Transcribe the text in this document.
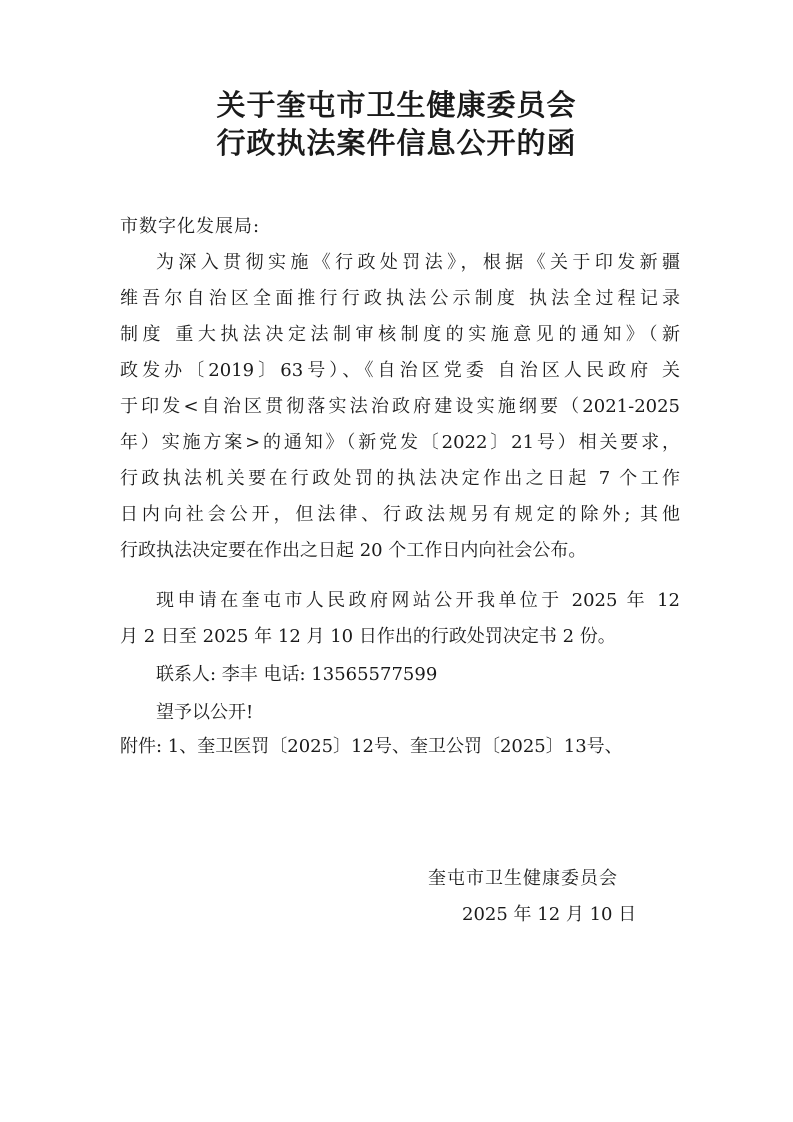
关于奎屯市卫生健康委员会
行政执法案件信息公开的函
市数字化发展局:
为深入贯彻实施《行政处罚法》，根据《关于印发新疆
维吾尔自治区全面推行行政执法公示制度 执法全过程记录
制度 重大执法决定法制审核制度的实施意见的通知》（新
政发办〔2019〕63号）、《自治区党委 自治区人民政府 关
于印发<自治区贯彻落实法治政府建设实施纲要（2021-2025
年）实施方案>的通知》（新党发〔2022〕21号）相关要求，
行政执法机关要在行政处罚的执法决定作出之日起 7 个工作
日内向社会公开，但法律、行政法规另有规定的除外; 其他
行政执法决定要在作出之日起 20 个工作日内向社会公布。
现申请在奎屯市人民政府网站公开我单位于 2025 年 12
月 2 日至 2025 年 12 月 10 日作出的行政处罚决定书 2 份。
联系人: 李丰 电话: 13565577599
望予以公开!
附件: 1、奎卫医罚〔2025〕12号、奎卫公罚〔2025〕13号、
奎屯市卫生健康委员会
2025 年 12 月 10 日
